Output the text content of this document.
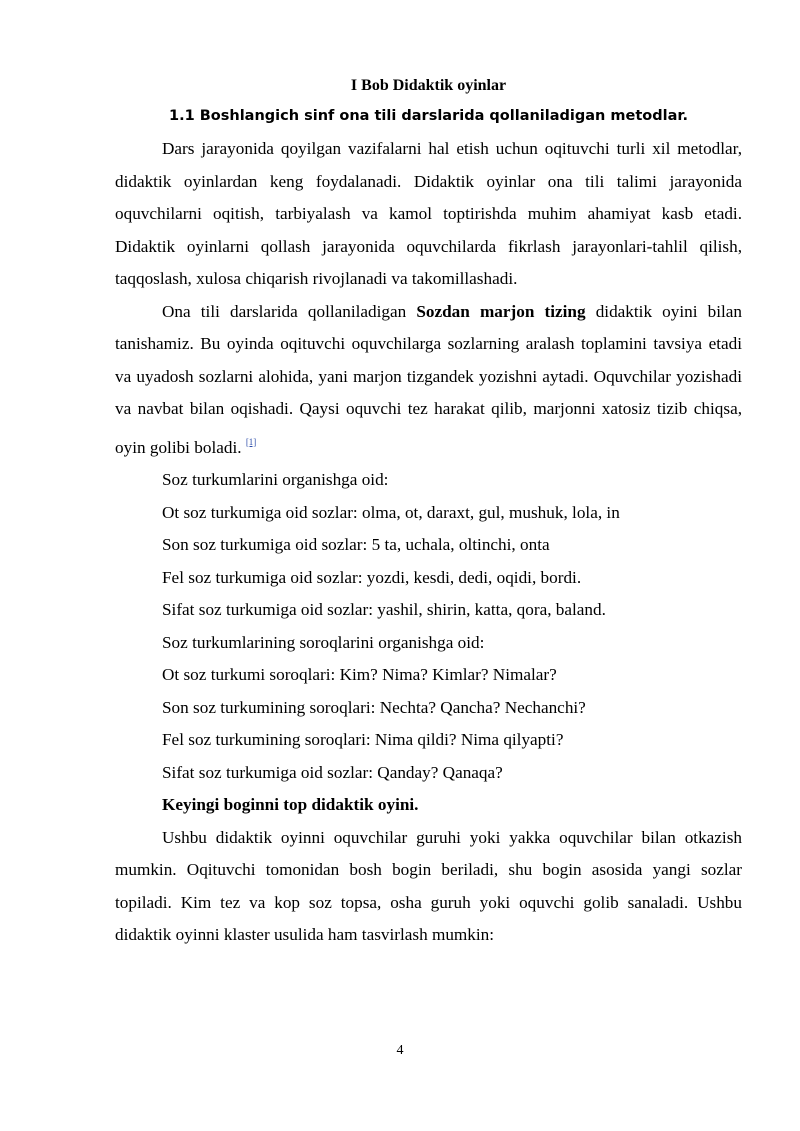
I Bob Didaktik oyinlar
1.1 Boshlangich sinf ona tili darslarida qollaniladigan metodlar.

Dars jarayonida qoyilgan vazifalarni hal etish uchun oqituvchi turli xil metodlar, didaktik oyinlardan keng foydalanadi. Didaktik oyinlar ona tili talimi jarayonida oquvchilarni oqitish, tarbiyalash va kamol toptirishda muhim ahamiyat kasb etadi. Didaktik oyinlarni qollash jarayonida oquvchilarda fikrlash jarayonlari-tahlil qilish, taqqoslash, xulosa chiqarish rivojlanadi va takomillashadi.

Ona tili darslarida qollaniladigan Sozdan marjon tizing didaktik oyini bilan tanishamiz. Bu oyinda oqituvchi oquvchilarga sozlarning aralash toplamini tavsiya etadi va uyadosh sozlarni alohida, yani marjon tizgandek yozishni aytadi. Oquvchilar yozishadi va navbat bilan oqishadi. Qaysi oquvchi tez harakat qilib, marjonni xatosiz tizib chiqsa, oyin golibi boladi. [1]

Soz turkumlarini organishga oid:

Ot soz turkumiga oid sozlar: olma, ot, daraxt, gul, mushuk, lola, in

Son soz turkumiga oid sozlar: 5 ta, uchala, oltinchi, onta

Fel soz turkumiga oid sozlar: yozdi, kesdi, dedi, oqidi, bordi.

Sifat soz turkumiga oid sozlar: yashil, shirin, katta, qora, baland.

Soz turkumlarining soroqlarini organishga oid:

Ot soz turkumi soroqlari: Kim? Nima? Kimlar? Nimalar?

Son soz turkumining soroqlari: Nechta? Qancha? Nechanchi?

Fel soz turkumining soroqlari: Nima qildi? Nima qilyapti?

Sifat soz turkumiga oid sozlar: Qanday? Qanaqa?

Keyingi boginni top didaktik oyini.

Ushbu didaktik oyinni oquvchilar guruhi yoki yakka oquvchilar bilan otkazish mumkin. Oqituvchi tomonidan bosh bogin beriladi, shu bogin asosida yangi sozlar topiladi. Kim tez va kop soz topsa, osha guruh yoki oquvchi golib sanaladi. Ushbu didaktik oyinni klaster usulida ham tasvirlash mumkin:

4
